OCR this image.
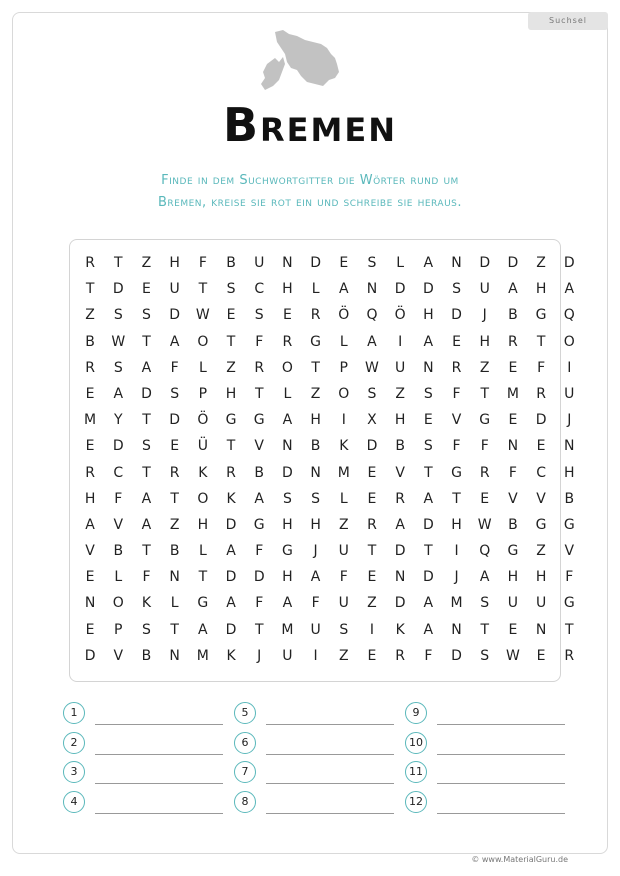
Suchsel
Bremen
Finde in dem Suchwortgitter die Wörter rund um
Bremen, kreise sie rot ein und schreibe sie heraus.
R	T	Z	H	F	B	U	N	D	E	S	L	A	N	D	D	Z	D
T	D	E	U	T	S	C	H	L	A	N	D	D	S	U	A	H	A
Z	S	S	D	W	E	S	E	R	Ö	Q	Ö	H	D	J	B	G	Q
B	W	T	A	O	T	F	R	G	L	A	I	A	E	H	R	T	O
R	S	A	F	L	Z	R	O	T	P	W	U	N	R	Z	E	F	I
E	A	D	S	P	H	T	L	Z	O	S	Z	S	F	T	M	R	U
M	Y	T	D	Ö	G	G	A	H	I	X	H	E	V	G	E	D	J
E	D	S	E	Ü	T	V	N	B	K	D	B	S	F	F	N	E	N
R	C	T	R	K	R	B	D	N	M	E	V	T	G	R	F	C	H
H	F	A	T	O	K	A	S	S	L	E	R	A	T	E	V	V	B
A	V	A	Z	H	D	G	H	H	Z	R	A	D	H	W	B	G	G
V	B	T	B	L	A	F	G	J	U	T	D	T	I	Q	G	Z	V
E	L	F	N	T	D	D	H	A	F	E	N	D	J	A	H	H	F
N	O	K	L	G	A	F	A	F	U	Z	D	A	M	S	U	U	G
E	P	S	T	A	D	T	M	U	S	I	K	A	N	T	E	N	T
D	V	B	N	M	K	J	U	I	Z	E	R	F	D	S	W	E	R
1
2
3
4
5
6
7
8
9
10
11
12
© www.MaterialGuru.de
